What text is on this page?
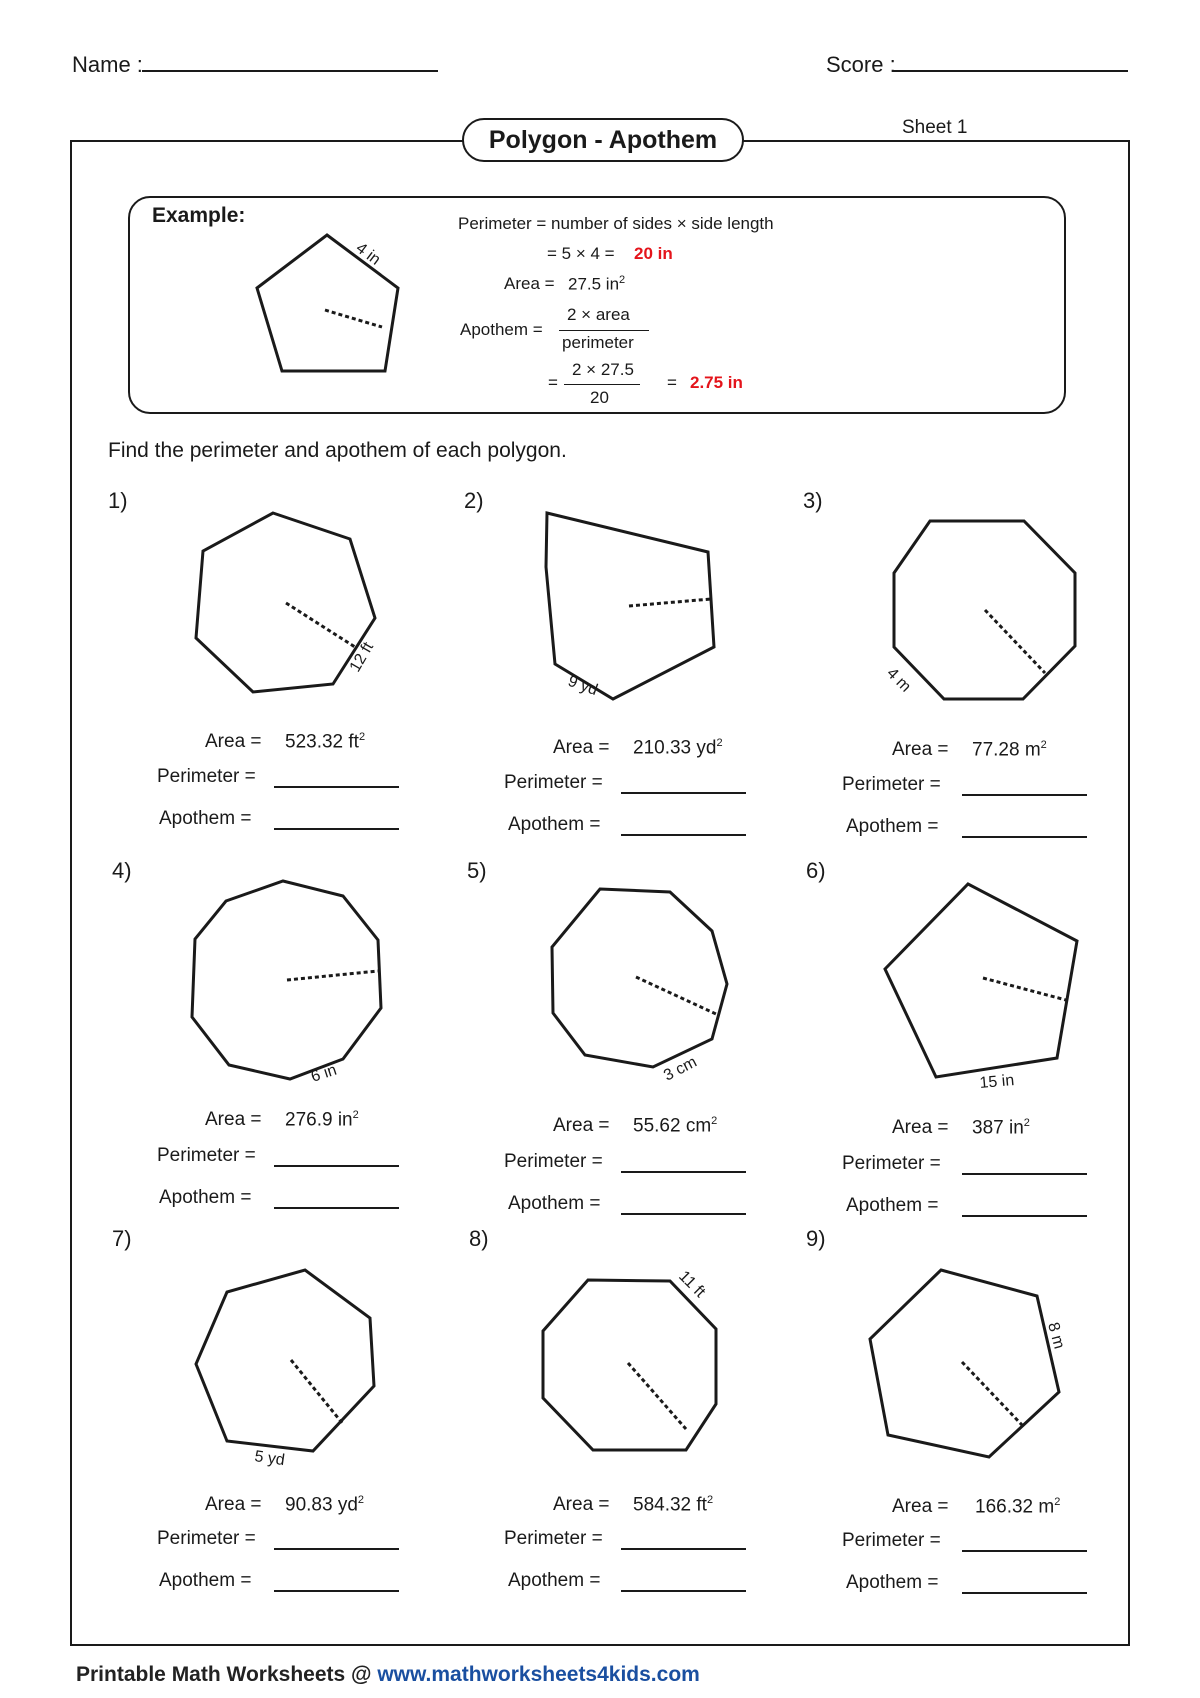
Name :	Score :
Polygon - Apothem	Sheet 1
Example:
4 in
12 ft
9 yd	4 m
6 in	3 cm	15 in
5 yd
11 ft
8 m
Perimeter = number of sides × side length
= 5 × 4 = 20 in
Area = 27.5 $in^2$
Apothem =
2 × area
perimeter
=
2 × 27.5
20
= 2.75 in
Find the perimeter and apothem of each polygon.
1)	2)	3)
4)	5)	6)
7)	8)	9)
Area = 523.32 $ft^2$
Perimeter =
Apothem =
Area = 210.33 $yd^2$
Perimeter =
Apothem =
Area = 77.28 $m^2$
Perimeter =
Apothem =
Area = 276.9 $in^2$
Perimeter =
Apothem =
Area = 55.62 $cm^2$
Perimeter =
Apothem =
Area = 387 $in^2$
Perimeter =
Apothem =
Area = 90.83 $yd^2$
Perimeter =
Apothem =
Area = 584.32 $ft^2$
Perimeter =
Apothem =
Area = 166.32 $m^2$
Perimeter =
Apothem =
Printable Math Worksheets @ www.mathworksheets4kids.com
